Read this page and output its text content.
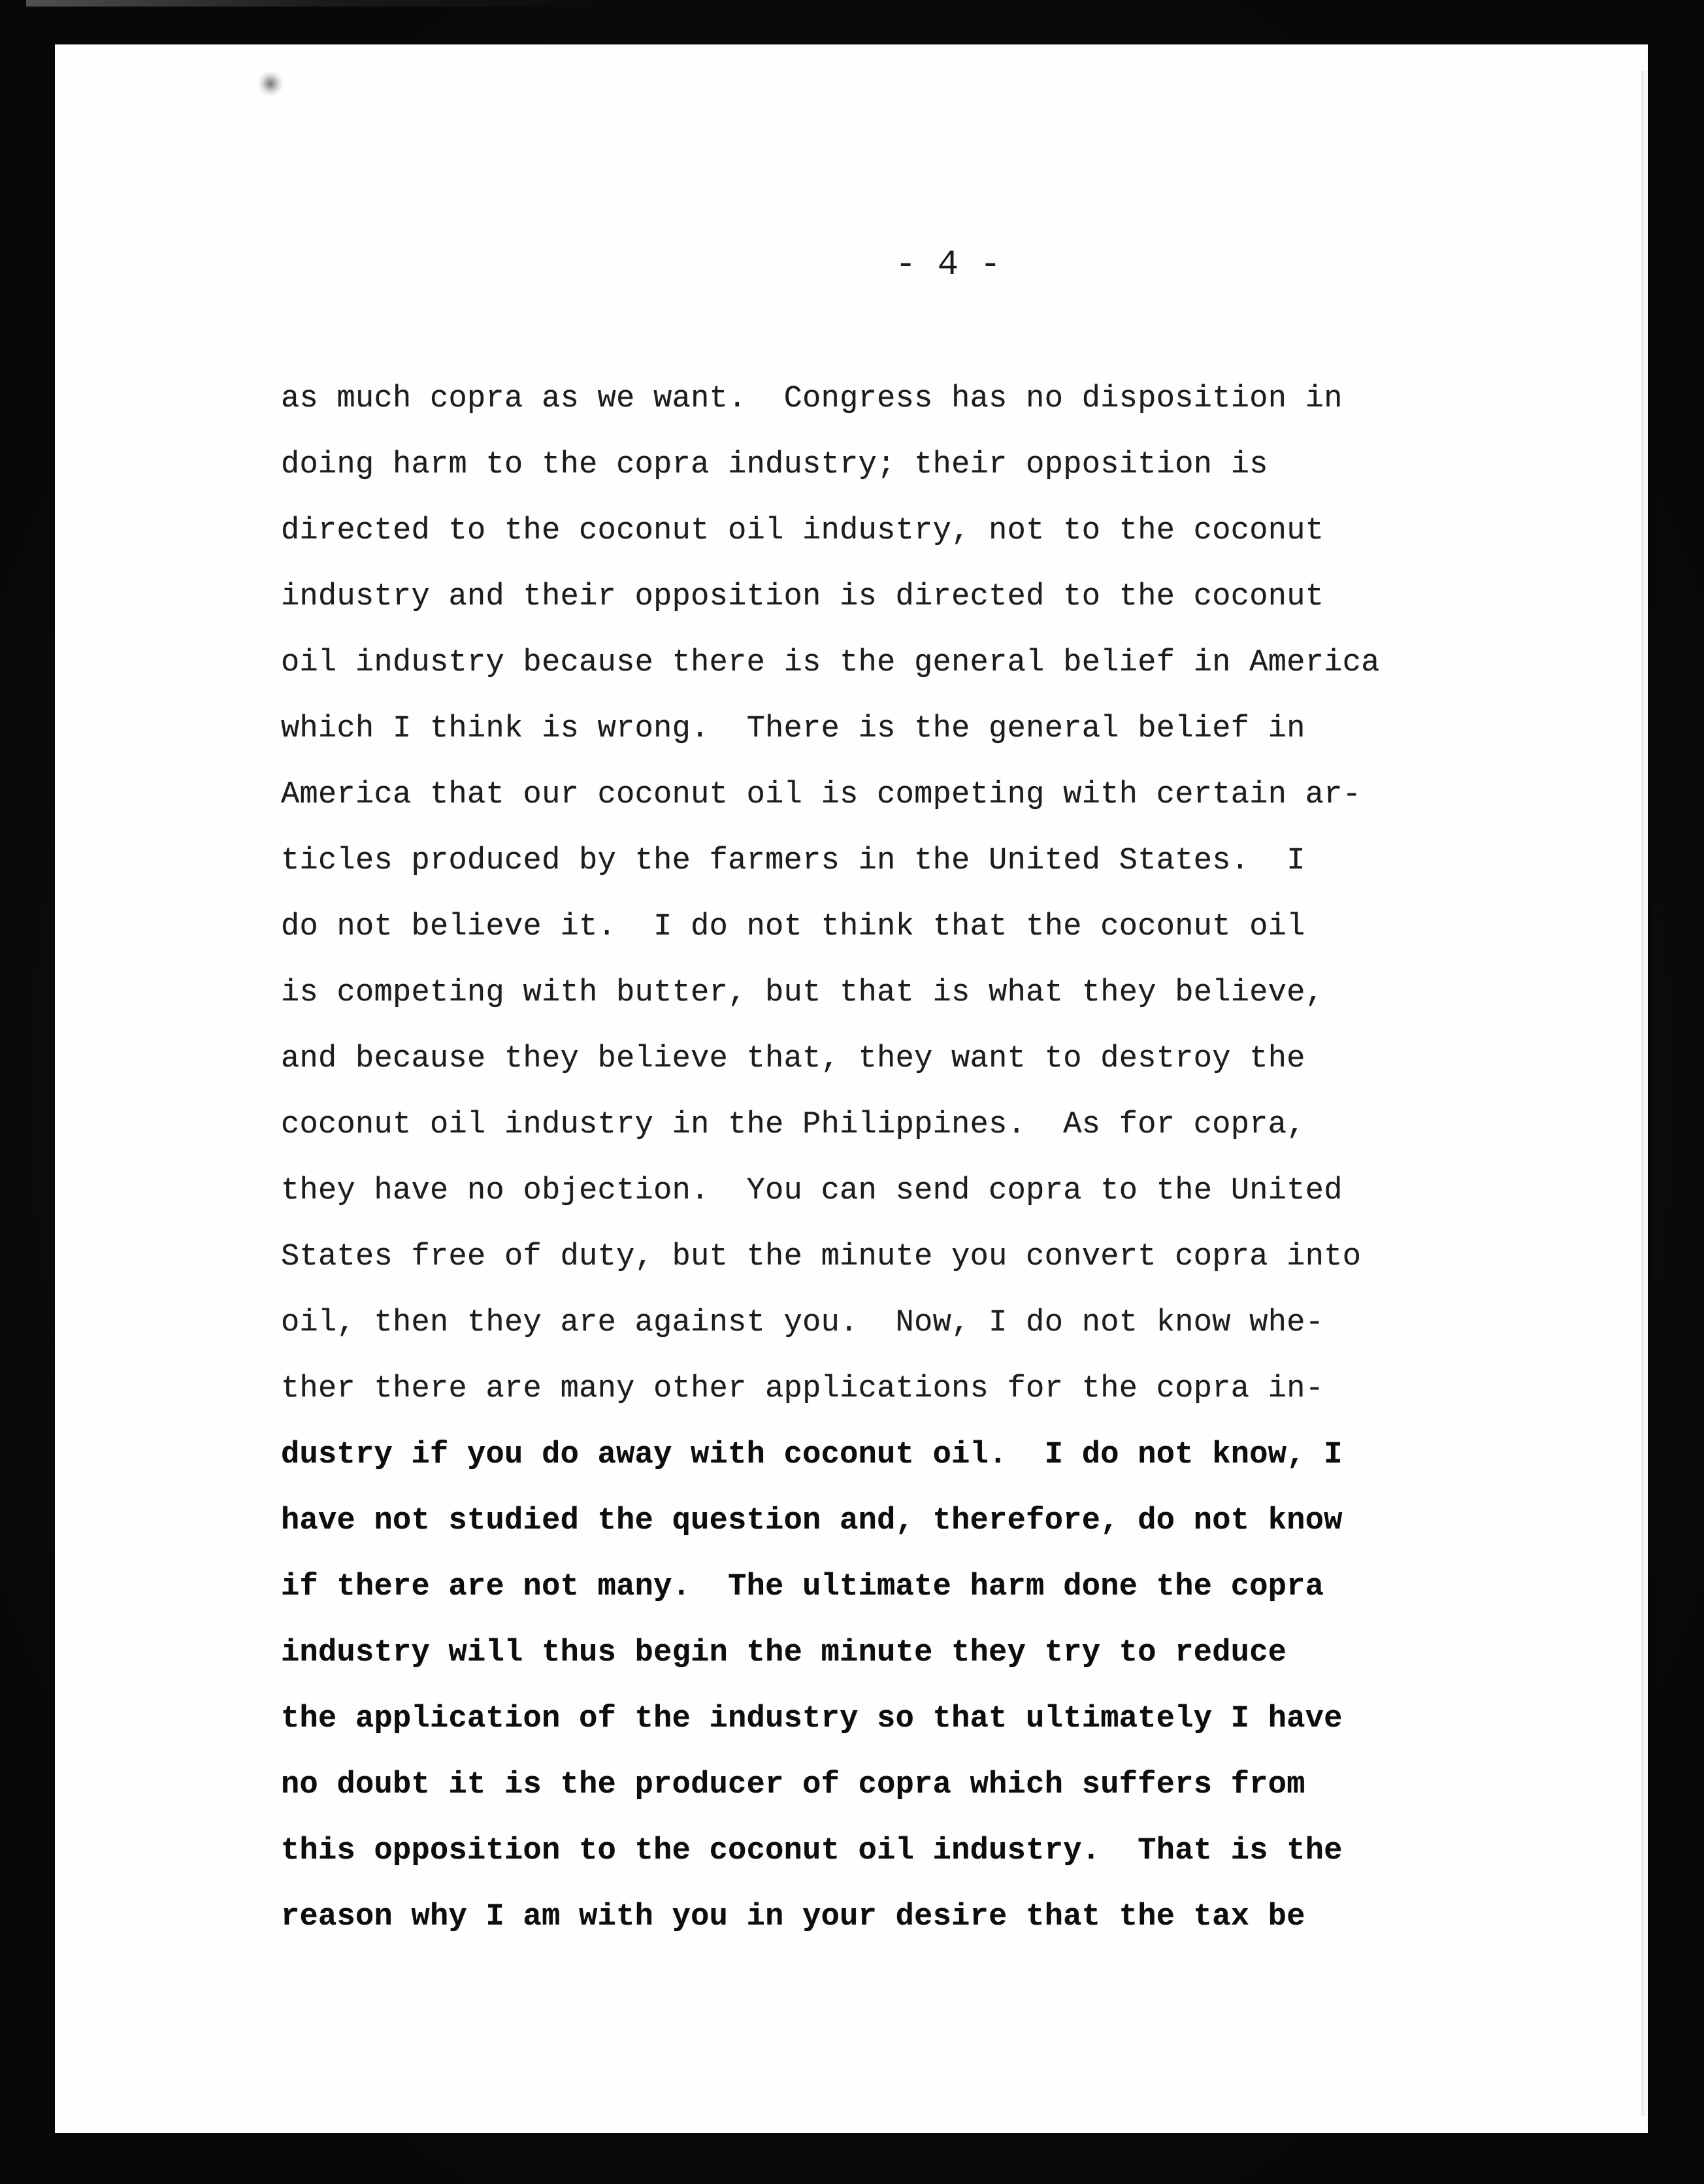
- 4 -

as much copra as we want.  Congress has no disposition in
doing harm to the copra industry; their opposition is
directed to the coconut oil industry, not to the coconut
industry and their opposition is directed to the coconut
oil industry because there is the general belief in America
which I think is wrong.  There is the general belief in
America that our coconut oil is competing with certain ar-
ticles produced by the farmers in the United States.  I
do not believe it.  I do not think that the coconut oil
is competing with butter, but that is what they believe,
and because they believe that, they want to destroy the
coconut oil industry in the Philippines.  As for copra,
they have no objection.  You can send copra to the United
States free of duty, but the minute you convert copra into
oil, then they are against you.  Now, I do not know whe-
ther there are many other applications for the copra in-
dustry if you do away with coconut oil.  I do not know, I
have not studied the question and, therefore, do not know
if there are not many.  The ultimate harm done the copra
industry will thus begin the minute they try to reduce
the application of the industry so that ultimately I have
no doubt it is the producer of copra which suffers from
this opposition to the coconut oil industry.  That is the
reason why I am with you in your desire that the tax be
